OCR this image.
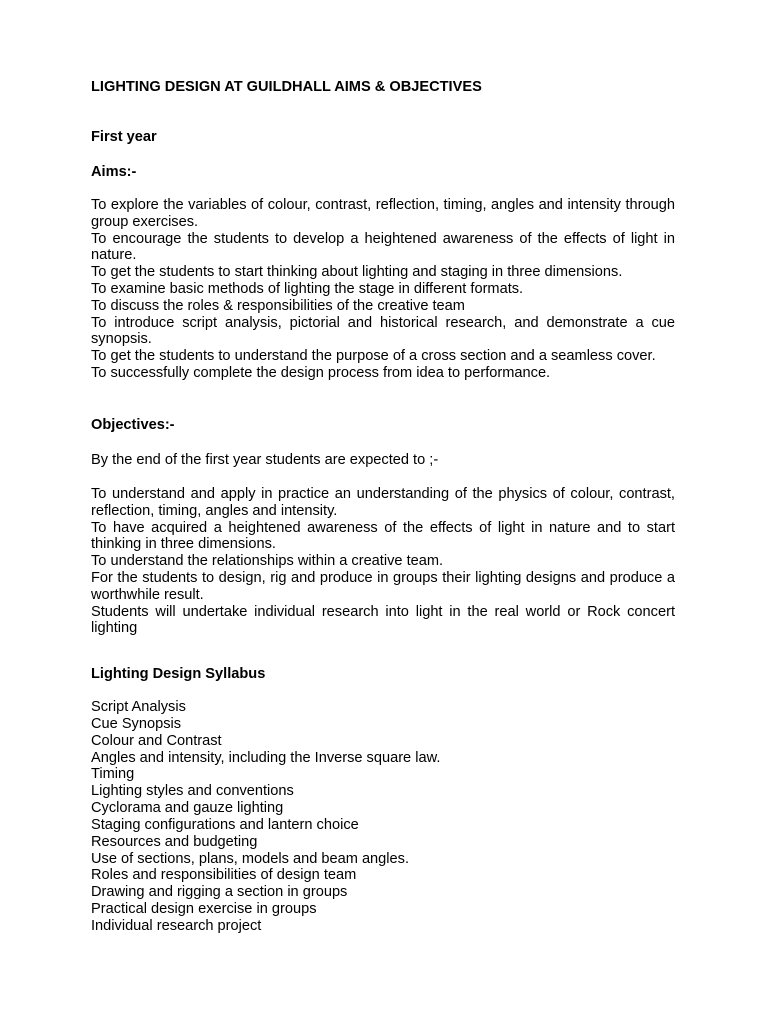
LIGHTING DESIGN AT GUILDHALL AIMS & OBJECTIVES
First year
Aims:-

To explore the variables of colour, contrast, reflection, timing, angles and intensity through group exercises.

To encourage the students to develop a heightened awareness of the effects of light in nature.

To get the students to start thinking about lighting and staging in three dimensions.

To examine basic methods of lighting the stage in different formats.

To discuss the roles & responsibilities of the creative team

To introduce script analysis, pictorial and historical research, and demonstrate a cue synopsis.

To get the students to understand the purpose of a cross section and a seamless cover.

To successfully complete the design process from idea to performance.

Objectives:-
By the end of the first year students are expected to ;-

To understand and apply in practice an understanding of the physics of colour, contrast, reflection, timing, angles and intensity.

To have acquired a heightened awareness of the effects of light in nature and to start thinking in three dimensions.

To understand the relationships within a creative team.

For the students to design, rig and produce in groups their lighting designs and produce a worthwhile result.

Students will undertake individual research into light in the real world or Rock concert lighting

Lighting Design Syllabus

Script Analysis

Cue Synopsis

Colour and Contrast

Angles and intensity, including the Inverse square law.

Timing

Lighting styles and conventions

Cyclorama and gauze lighting

Staging configurations and lantern choice

Resources and budgeting

Use of sections, plans, models and beam angles.

Roles and responsibilities of design team

Drawing and rigging a section in groups

Practical design exercise in groups

Individual research project
